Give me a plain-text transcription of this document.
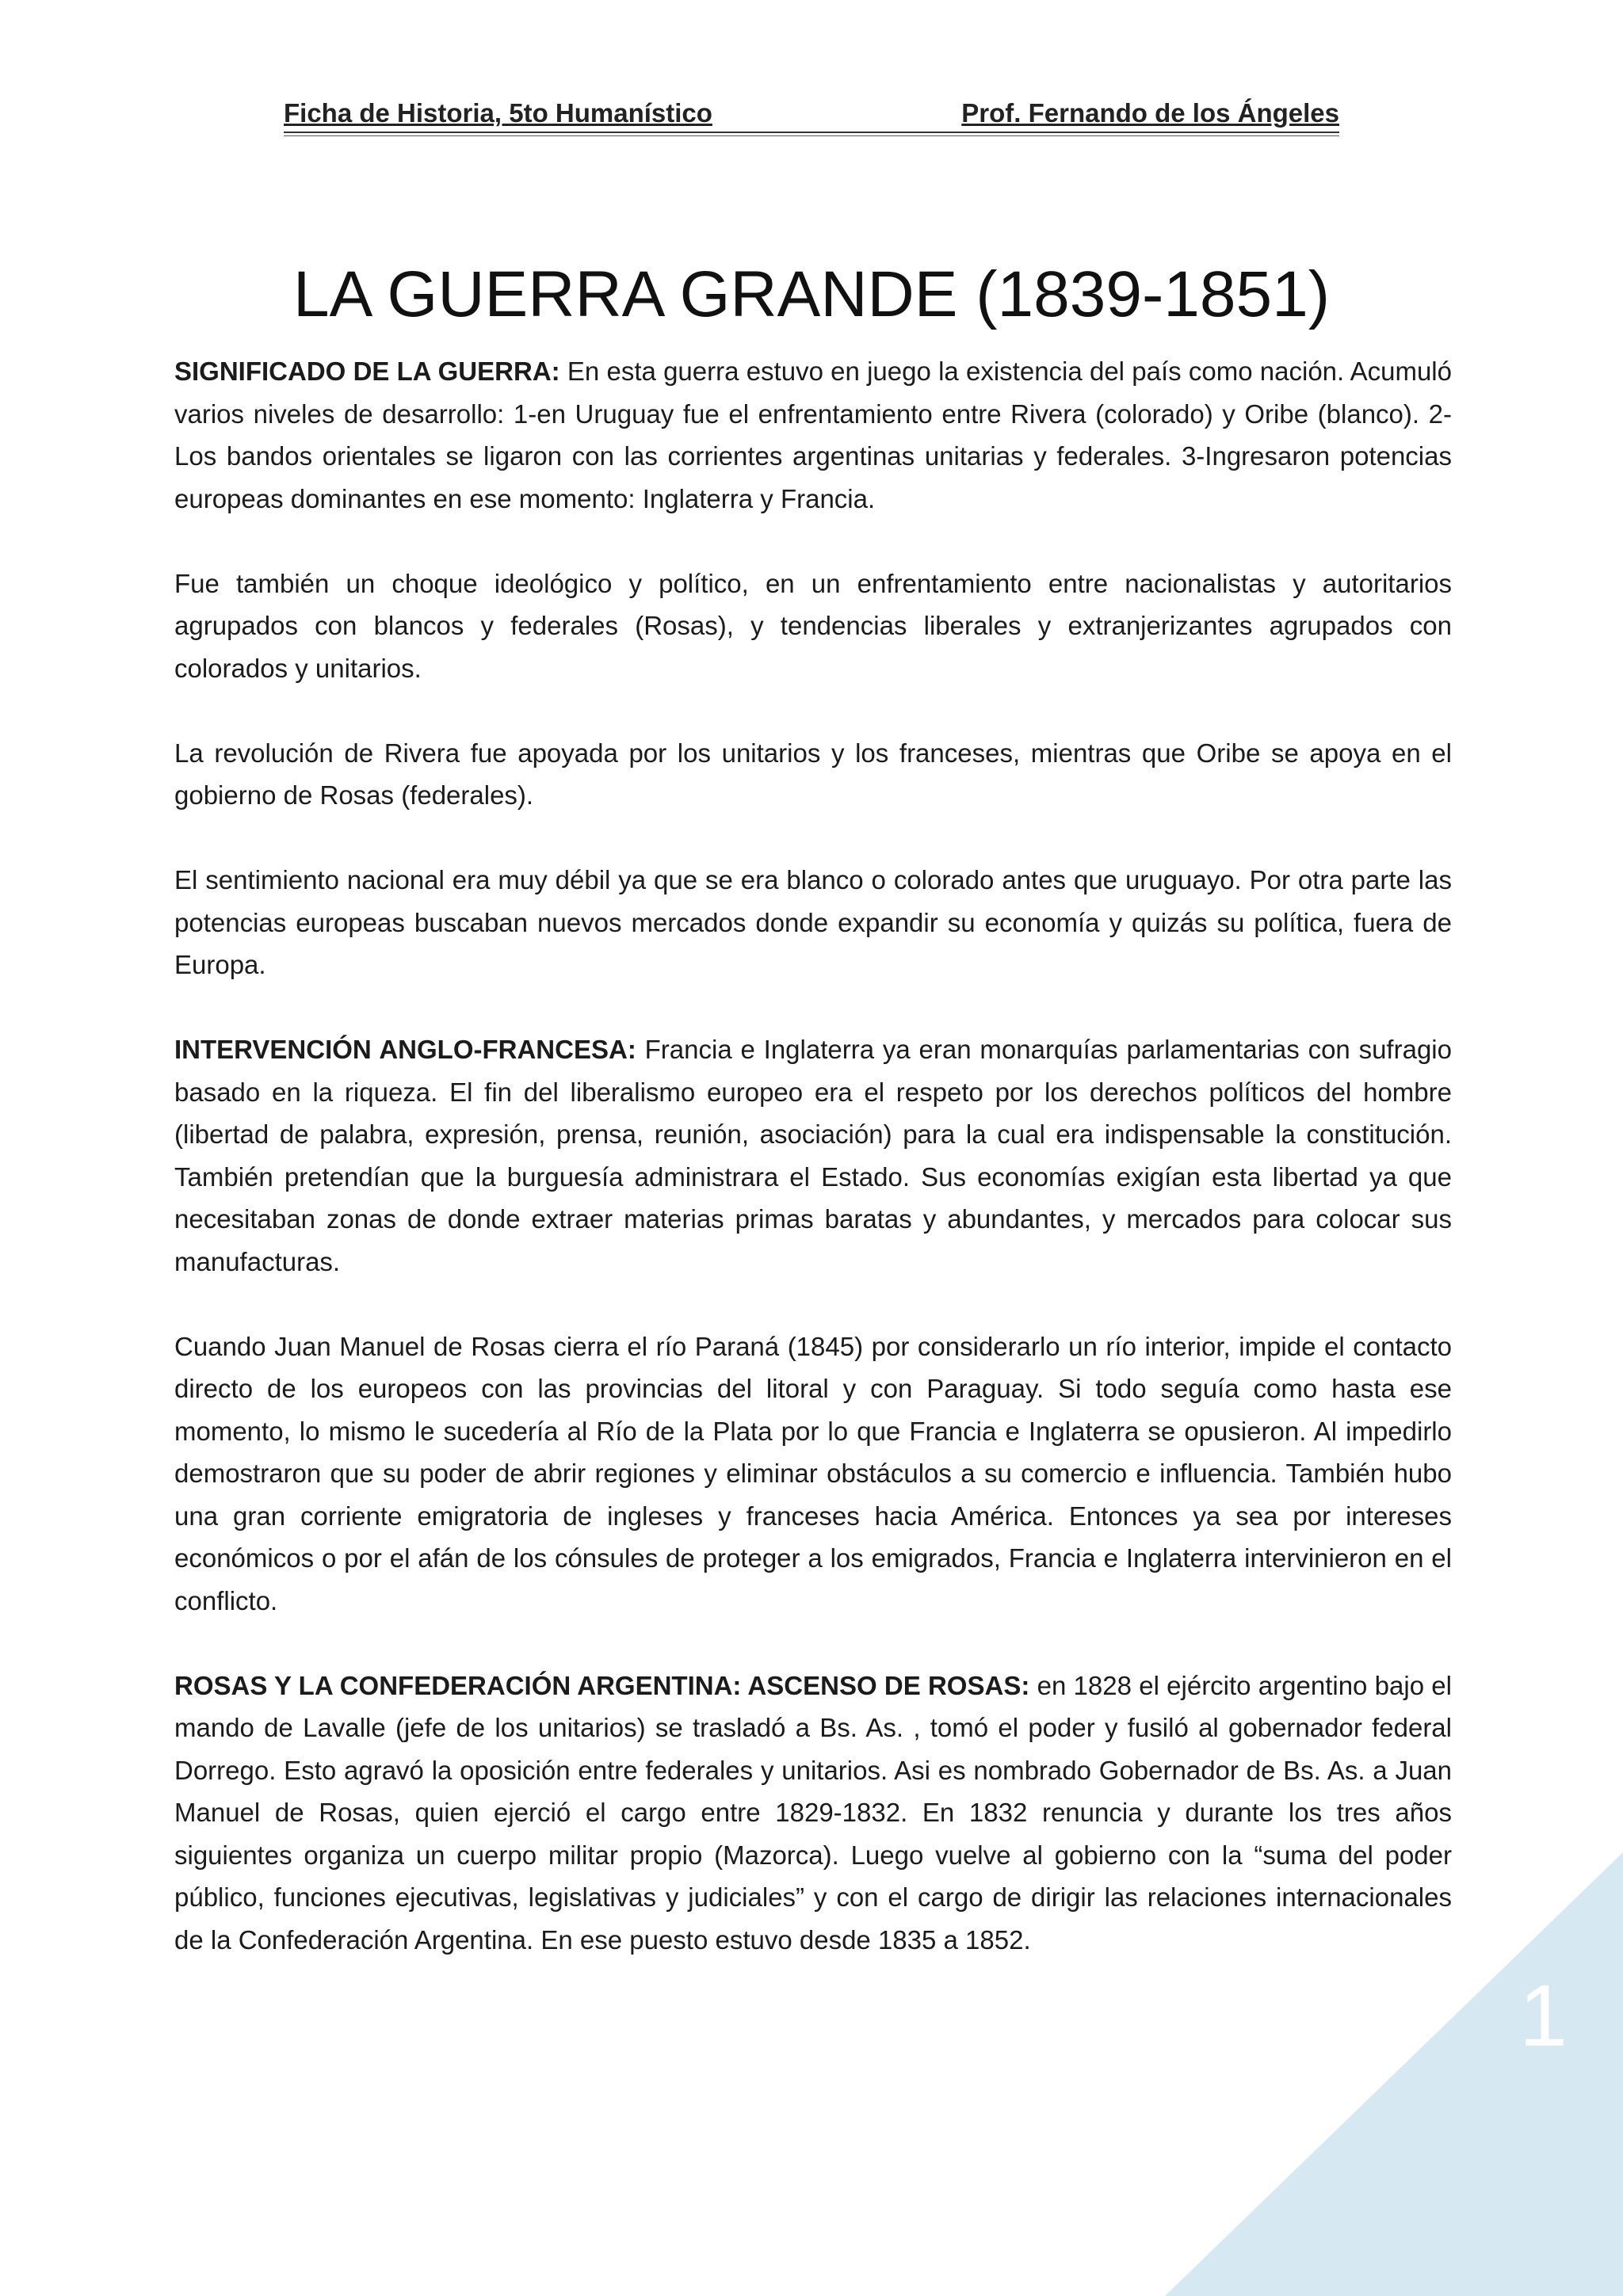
Ficha de Historia, 5to Humanístico	Prof. Fernando de los Ángeles
LA GUERRA GRANDE (1839-1851)

SIGNIFICADO DE LA GUERRA: En esta guerra estuvo en juego la existencia del país como nación. Acumuló varios niveles de desarrollo: 1-en Uruguay fue el enfrentamiento entre Rivera (colorado) y Oribe (blanco). 2-Los bandos orientales se ligaron con las corrientes argentinas unitarias y federales. 3-Ingresaron potencias europeas dominantes en ese momento: Inglaterra y Francia.

Fue también un choque ideológico y político, en un enfrentamiento entre nacionalistas y autoritarios agrupados con blancos y federales (Rosas), y tendencias liberales y extranjerizantes agrupados con colorados y unitarios.

La revolución de Rivera fue apoyada por los unitarios y los franceses, mientras que Oribe se apoya en el gobierno de Rosas (federales).

El sentimiento nacional era muy débil ya que se era blanco o colorado antes que uruguayo. Por otra parte las potencias europeas buscaban nuevos mercados donde expandir su economía y quizás su política, fuera de Europa.

INTERVENCIÓN ANGLO-FRANCESA: Francia e Inglaterra ya eran monarquías parlamentarias con sufragio basado en la riqueza. El fin del liberalismo europeo era el respeto por los derechos políticos del hombre (libertad de palabra, expresión, prensa, reunión, asociación) para la cual era indispensable la constitución. También pretendían que la burguesía administrara el Estado. Sus economías exigían esta libertad ya que necesitaban zonas de donde extraer materias primas baratas y abundantes, y mercados para colocar sus manufacturas.

Cuando Juan Manuel de Rosas cierra el río Paraná (1845) por considerarlo un río interior, impide el contacto directo de los europeos con las provincias del litoral y con Paraguay. Si todo seguía como hasta ese momento, lo mismo le sucedería al Río de la Plata por lo que Francia e Inglaterra se opusieron. Al impedirlo demostraron que su poder de abrir regiones y eliminar obstáculos a su comercio e influencia. También hubo una gran corriente emigratoria de ingleses y franceses hacia América. Entonces ya sea por intereses económicos o por el afán de los cónsules de proteger a los emigrados, Francia e Inglaterra intervinieron en el conflicto.

ROSAS Y LA CONFEDERACIÓN ARGENTINA: ASCENSO DE ROSAS: en 1828 el ejército argentino bajo el mando de Lavalle (jefe de los unitarios) se trasladó a Bs. As. , tomó el poder y fusiló al gobernador federal Dorrego. Esto agravó la oposición entre federales y unitarios. Asi es nombrado Gobernador de Bs. As. a Juan Manuel de Rosas, quien ejerció el cargo entre 1829-1832. En 1832 renuncia y durante los tres años siguientes organiza un cuerpo militar propio (Mazorca). Luego vuelve al gobierno con la “suma del poder público, funciones ejecutivas, legislativas y judiciales” y con el cargo de dirigir las relaciones internacionales de la Confederación Argentina. En ese puesto estuvo desde 1835 a 1852.

1
